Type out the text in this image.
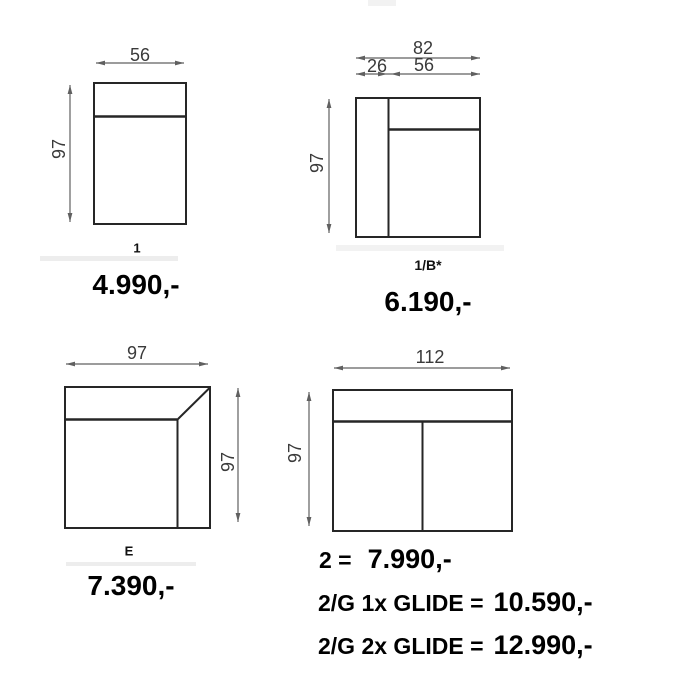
56
97
1
4.990,-
82
26 56
97
1/B*
6.190,-
97
97
E
7.390,-
112
97
2 = 7.990,-
2/G 1x GLIDE = 10.590,-
2/G 2x GLIDE = 12.990,-
